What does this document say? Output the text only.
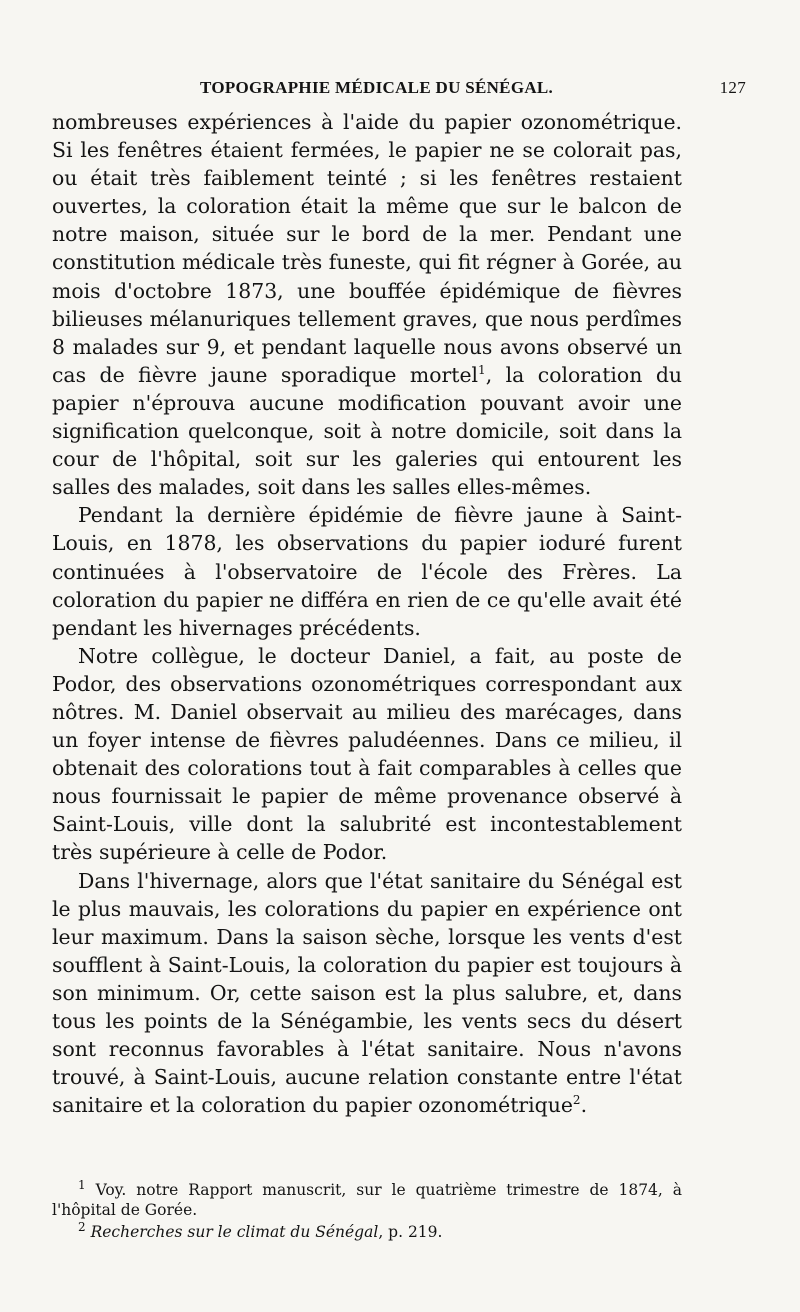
TOPOGRAPHIE MÉDICALE DU SÉNÉGAL.	127

nombreuses expériences à l'aide du papier ozonométrique. Si les fenêtres étaient fermées, le papier ne se colorait pas, ou était très faiblement teinté ; si les fenêtres restaient ouvertes, la coloration était la même que sur le balcon de notre maison, située sur le bord de la mer. Pendant une constitution médicale très funeste, qui fit régner à Gorée, au mois d'octobre 1873, une bouffée épidémique de fièvres bilieuses mélanuriques tellement graves, que nous perdîmes 8 malades sur 9, et pendant laquelle nous avons observé un cas de fièvre jaune sporadique mortel$^1$, la coloration du papier n'éprouva aucune modification pouvant avoir une signification quelconque, soit à notre domicile, soit dans la cour de l'hôpital, soit sur les galeries qui entourent les salles des malades, soit dans les salles elles-mêmes.

Pendant la dernière épidémie de fièvre jaune à Saint-Louis, en 1878, les observations du papier ioduré furent continuées à l'observatoire de l'école des Frères. La coloration du papier ne différa en rien de ce qu'elle avait été pendant les hivernages précédents.

Notre collègue, le docteur Daniel, a fait, au poste de Podor, des observations ozonométriques correspondant aux nôtres. M. Daniel observait au milieu des marécages, dans un foyer intense de fièvres paludéennes. Dans ce milieu, il obtenait des colorations tout à fait comparables à celles que nous fournissait le papier de même provenance observé à Saint-Louis, ville dont la salubrité est incontestablement très supérieure à celle de Podor.

Dans l'hivernage, alors que l'état sanitaire du Sénégal est le plus mauvais, les colorations du papier en expérience ont leur maximum. Dans la saison sèche, lorsque les vents d'est soufflent à Saint-Louis, la coloration du papier est toujours à son minimum. Or, cette saison est la plus salubre, et, dans tous les points de la Sénégambie, les vents secs du désert sont reconnus favorables à l'état sanitaire. Nous n'avons trouvé, à Saint-Louis, aucune relation constante entre l'état sanitaire et la coloration du papier ozonométrique$^2$.

$^1$ Voy. notre Rapport manuscrit, sur le quatrième trimestre de 1874, à l'hôpital de Gorée.

$^2$ Recherches sur le climat du Sénégal, p. 219.
